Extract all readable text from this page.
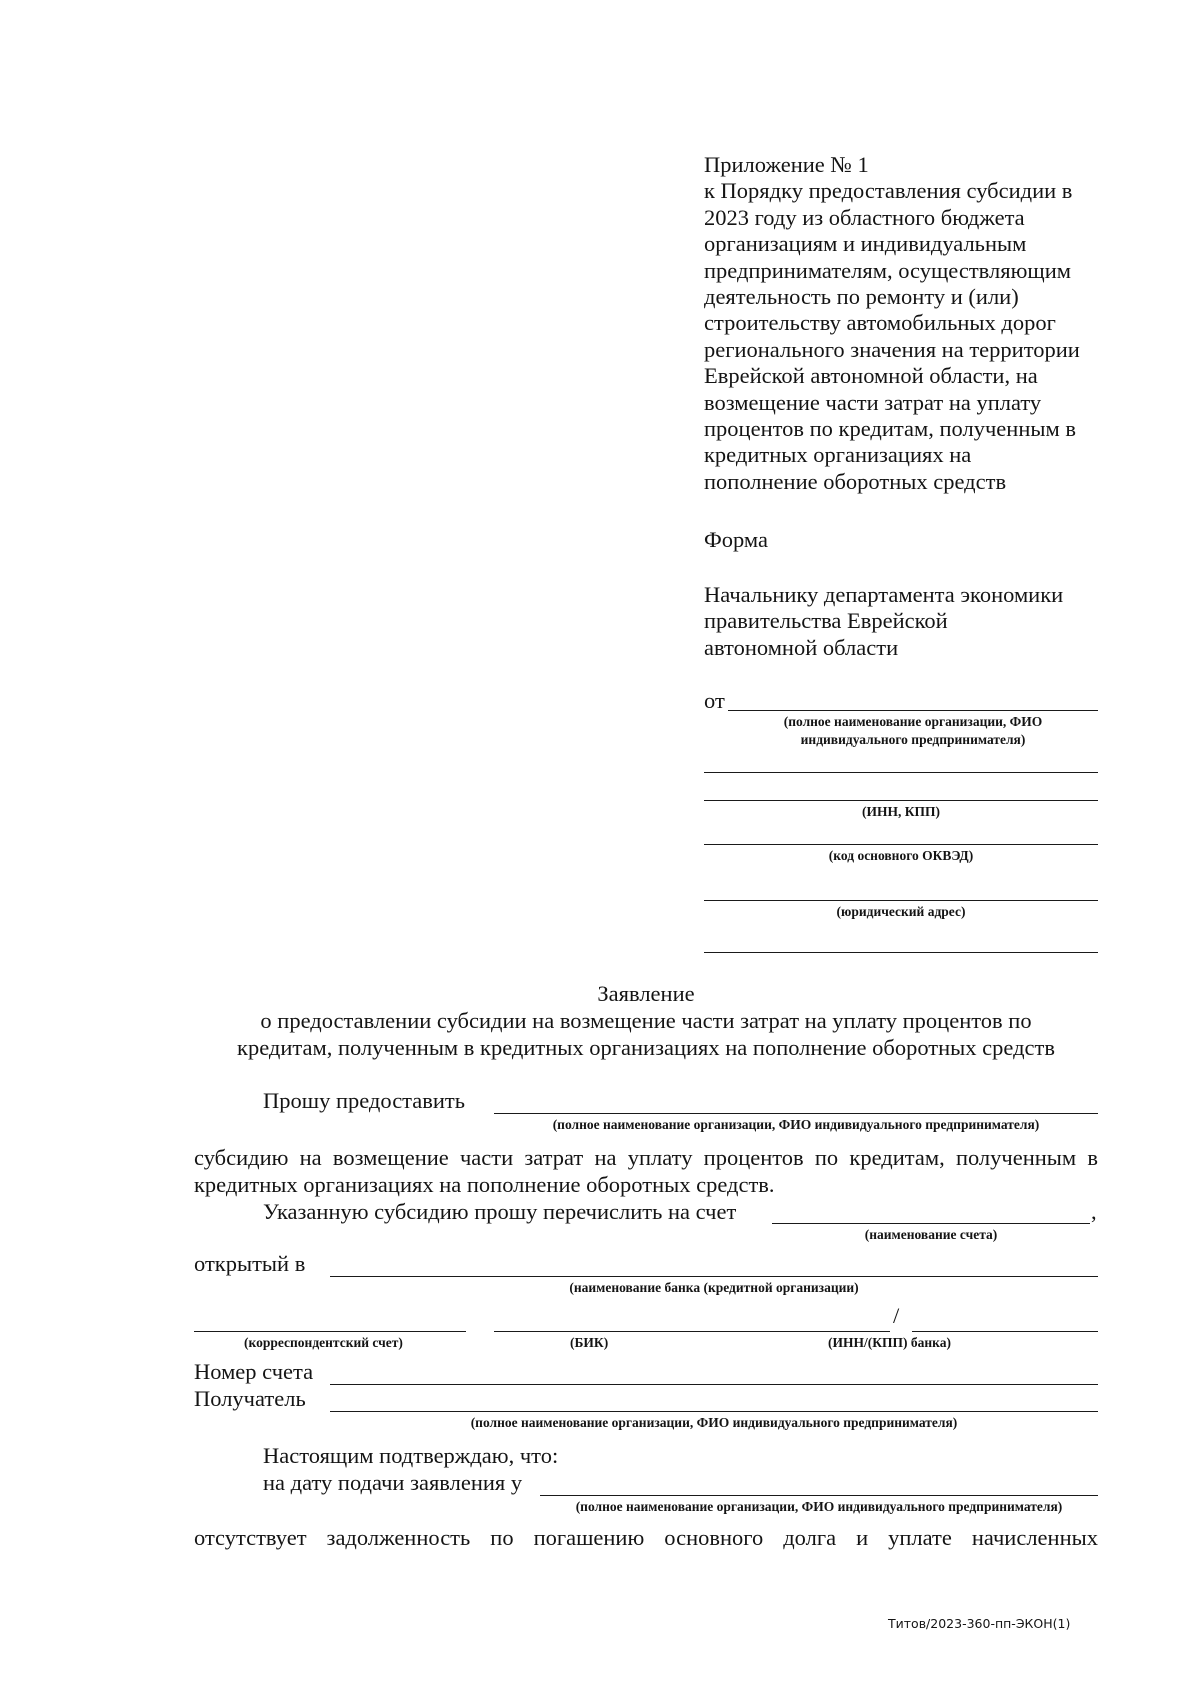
Приложение № 1
к Порядку предоставления субсидии в
2023 году из областного бюджета
организациям и индивидуальным
предпринимателям, осуществляющим
деятельность по ремонту и (или)
строительству автомобильных дорог
регионального значения на территории
Еврейской автономной области, на
возмещение части затрат на уплату
процентов по кредитам, полученным в
кредитных организациях на
пополнение оборотных средств
Форма
Начальнику департамента экономики
правительства Еврейской
автономной области
от
(полное наименование организации, ФИО
индивидуального предпринимателя)
(ИНН, КПП)
(код основного ОКВЭД)
(юридический адрес)
Заявление
о предоставлении субсидии на возмещение части затрат на уплату процентов по
кредитам, полученным в кредитных организациях на пополнение оборотных средств
Прошу предоставить
(полное наименование организации, ФИО индивидуального предпринимателя)
субсидию на возмещение части затрат на уплату процентов по кредитам, полученным в
кредитных организациях на пополнение оборотных средств.
Указанную субсидию прошу перечислить на счет	,
(наименование счета)
открытый в
(наименование банка (кредитной организации)
/
(корреспондентский счет)	(БИК)	(ИНН/(КПП) банка)
Номер счета
Получатель
(полное наименование организации, ФИО индивидуального предпринимателя)
Настоящим подтверждаю, что:
на дату подачи заявления у
(полное наименование организации, ФИО индивидуального предпринимателя)
отсутствует задолженность по погашению основного долга и уплате начисленных
Титов/2023-360-пп-ЭКОН(1)
